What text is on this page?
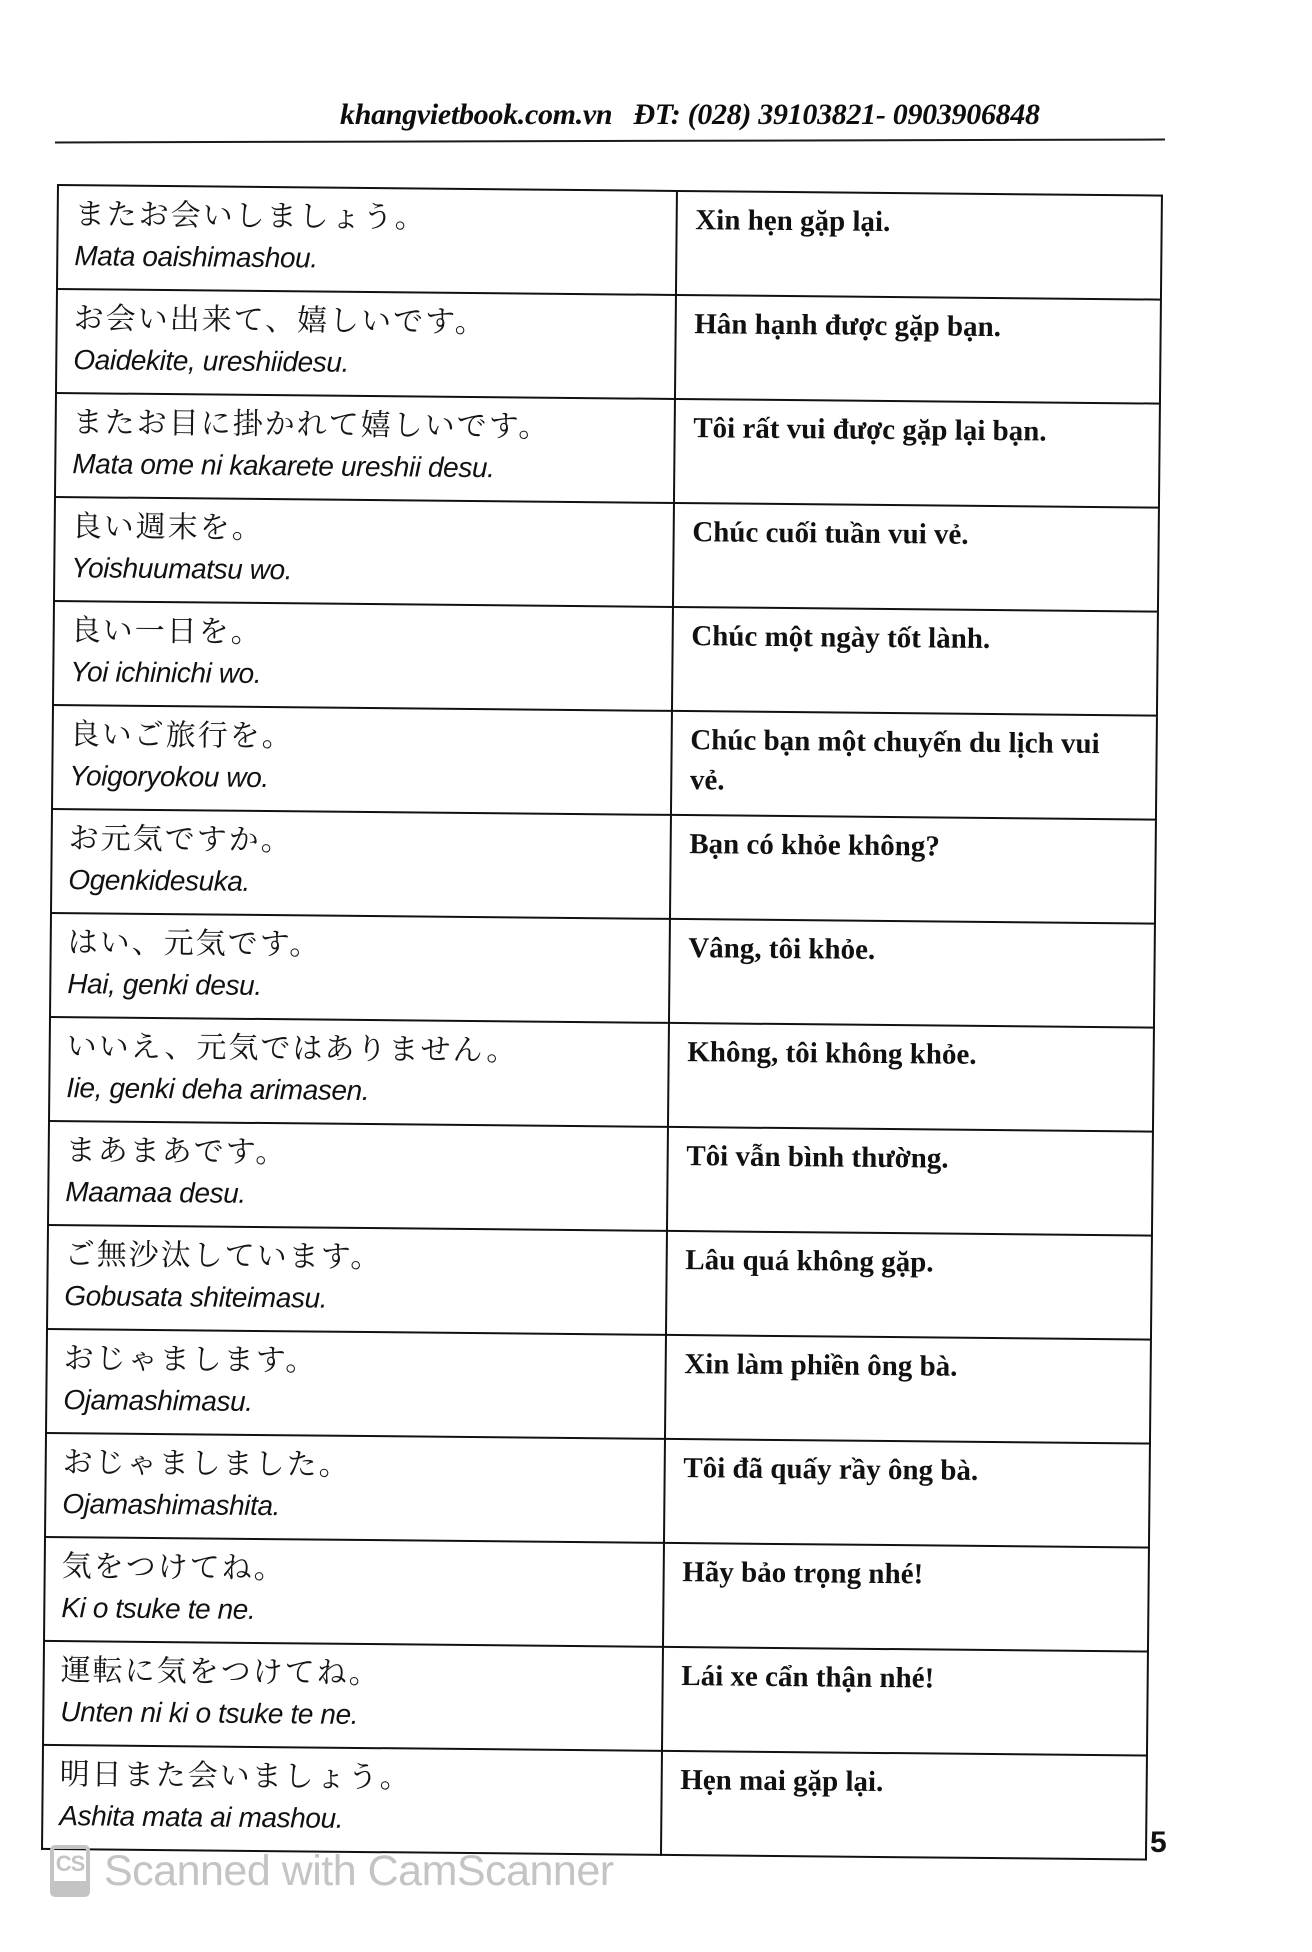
khangvietbook.com.vn ĐT: (028) 39103821- 0903906848
またお会いしましょう。
Mata oaishimashou.	Xin hẹn gặp lại.

お会い出来て、嬉しいです。
Oaidekite, ureshiidesu.	Hân hạnh được gặp bạn.

またお目に掛かれて嬉しいです。
Mata ome ni kakarete ureshii desu.	Tôi rất vui được gặp lại bạn.

良い週末を。
Yoishuumatsu wo.	Chúc cuối tuần vui vẻ.

良い一日を。
Yoi ichinichi wo.	Chúc một ngày tốt lành.

良いご旅行を。
Yoigoryokou wo.	Chúc bạn một chuyến du lịch vui vẻ.

お元気ですか。
Ogenkidesuka.	Bạn có khỏe không?

はい、元気です。
Hai, genki desu.	Vâng, tôi khỏe.

いいえ、元気ではありません。
Iie, genki deha arimasen.	Không, tôi không khỏe.

まあまあです。
Maamaa desu.	Tôi vẫn bình thường.

ご無沙汰しています。
Gobusata shiteimasu.	Lâu quá không gặp.

おじゃまします。
Ojamashimasu.	Xin làm phiền ông bà.

おじゃましました。
Ojamashimashita.	Tôi đã quấy rầy ông bà.

気をつけてね。
Ki o tsuke te ne.	Hãy bảo trọng nhé!

運転に気をつけてね。
Unten ni ki o tsuke te ne.	Lái xe cẩn thận nhé!

明日また会いましょう。
Ashita mata ai mashou.	Hẹn mai gặp lại.
5
CS Scanned with CamScanner
